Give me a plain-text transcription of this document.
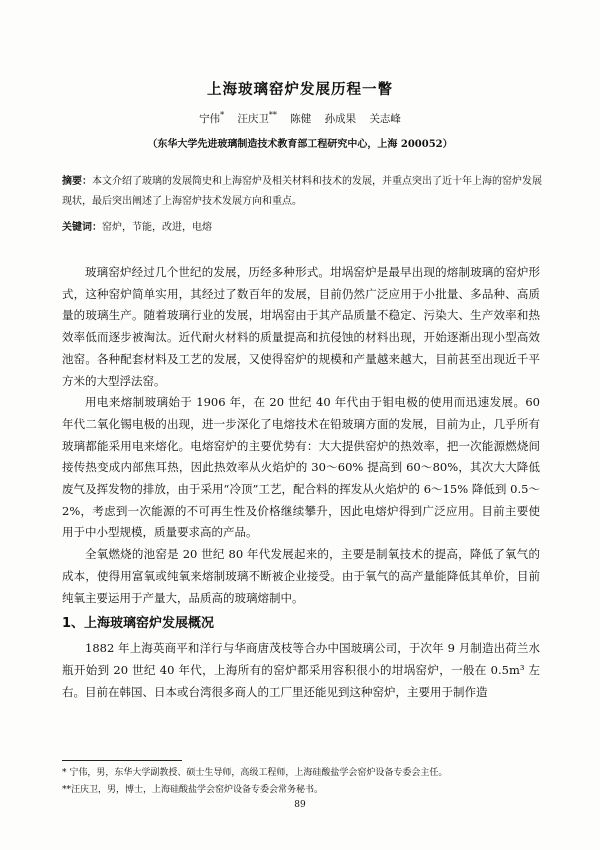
上海玻璃窑炉发展历程一瞥
宁伟* 汪庆卫** 陈健 孙成果 关志峰
（东华大学先进玻璃制造技术教育部工程研究中心，上海 200052）
摘要：本文介绍了玻璃的发展简史和上海窑炉及相关材料和技术的发展，并重点突出了近十年上海的窑炉发展现状，最后突出阐述了上海窑炉技术发展方向和重点。
关键词：窑炉，节能，改进，电熔

玻璃窑炉经过几个世纪的发展，历经多种形式。坩埚窑炉是最早出现的熔制玻璃的窑炉形式，这种窑炉简单实用，其经过了数百年的发展，目前仍然广泛应用于小批量、多品种、高质量的玻璃生产。随着玻璃行业的发展，坩埚窑由于其产品质量不稳定、污染大、生产效率和热效率低而逐步被淘汰。近代耐火材料的质量提高和抗侵蚀的材料出现，开始逐渐出现小型高效池窑。各种配套材料及工艺的发展，又使得窑炉的规模和产量越来越大，目前甚至出现近千平方米的大型浮法窑。

用电来熔制玻璃始于 1906 年，在 20 世纪 40 年代由于钼电极的使用而迅速发展。60 年代二氧化锡电极的出现，进一步深化了电熔技术在铅玻璃方面的发展，目前为止，几乎所有玻璃都能采用电来熔化。电熔窑炉的主要优势有：大大提供窑炉的热效率，把一次能源燃烧间接传热变成内部焦耳热，因此热效率从火焰炉的 30～60% 提高到 60～80%，其次大大降低废气及挥发物的排放，由于采用“冷顶”工艺，配合料的挥发从火焰炉的 6～15% 降低到 0.5～2%，考虑到一次能源的不可再生性及价格继续攀升，因此电熔炉得到广泛应用。目前主要使用于中小型规模，质量要求高的产品。

全氧燃烧的池窑是 20 世纪 80 年代发展起来的，主要是制氧技术的提高，降低了氧气的成本，使得用富氧或纯氧来熔制玻璃不断被企业接受。由于氧气的高产量能降低其单价，目前纯氧主要运用于产量大，品质高的玻璃熔制中。

1、上海玻璃窑炉发展概况

1882 年上海英商平和洋行与华商唐茂枝等合办中国玻璃公司，于次年 9 月制造出荷兰水瓶开始到 20 世纪 40 年代，上海所有的窑炉都采用容积很小的坩埚窑炉，一般在 0.5m³ 左右。目前在韩国、日本或台湾很多商人的工厂里还能见到这种窑炉，主要用于制作造

* 宁伟，男，东华大学副教授、硕士生导师，高级工程师，上海硅酸盐学会窑炉设备专委会主任。
**汪庆卫，男，博士，上海硅酸盐学会窑炉设备专委会常务秘书。
89
